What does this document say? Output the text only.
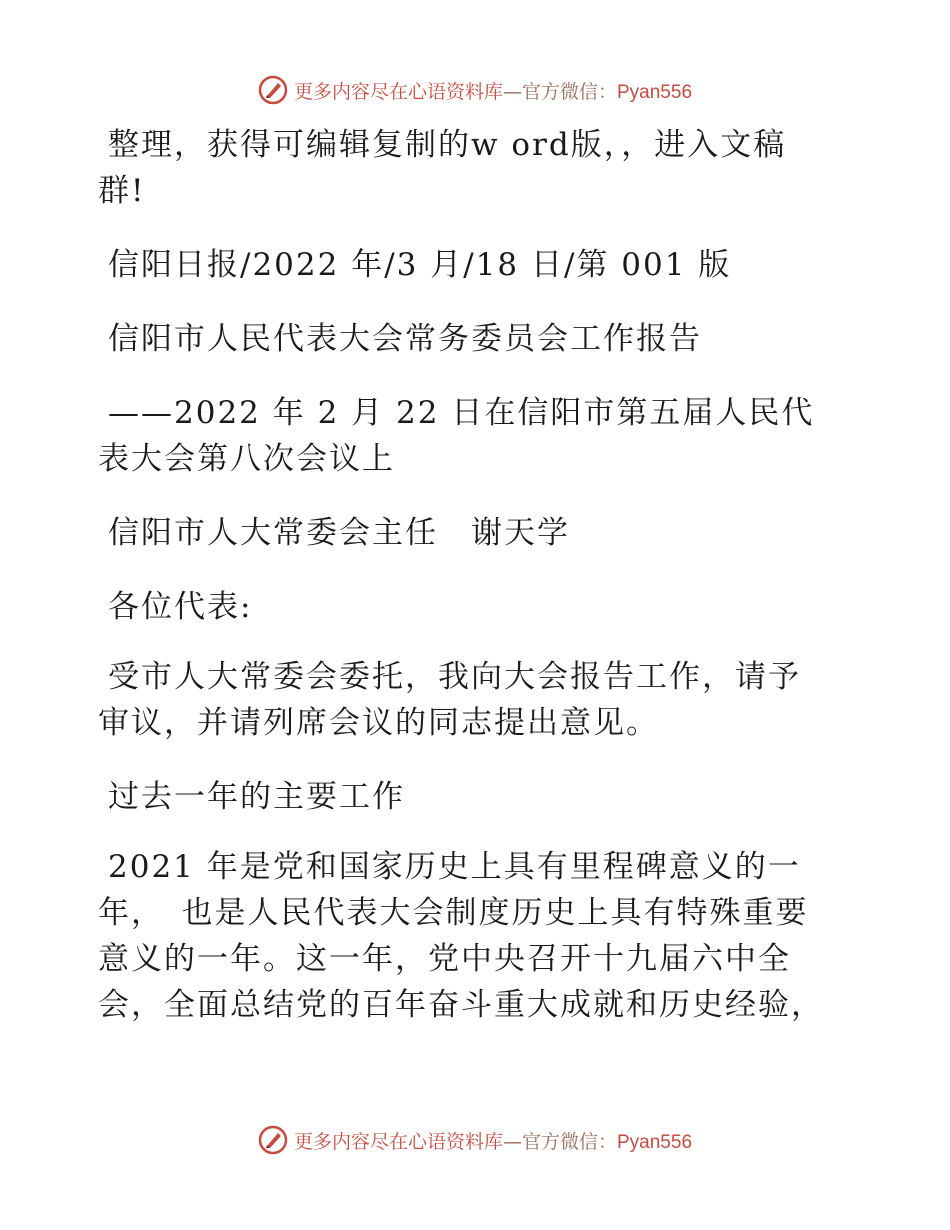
更多内容尽在心语资料库—官方微信：Pyan556

整理，获得可编辑复制的w ord版，，进入文稿群!

信阳日报/2022 年/3 月/18 日/第 001 版

信阳市人民代表大会常务委员会工作报告

——2022 年 2 月 22 日在信阳市第五届人民代表大会第八次会议上

信阳市人大常委会主任　谢天学

各位代表:

受市人大常委会委托，我向大会报告工作，请予审议，并请列席会议的同志提出意见。

过去一年的主要工作

2021 年是党和国家历史上具有里程碑意义的一年，　也是人民代表大会制度历史上具有特殊重要意义的一年。这一年，党中央召开十九届六中全会，全面总结党的百年奋斗重大成就和历史经验，

更多内容尽在心语资料库—官方微信：Pyan556
